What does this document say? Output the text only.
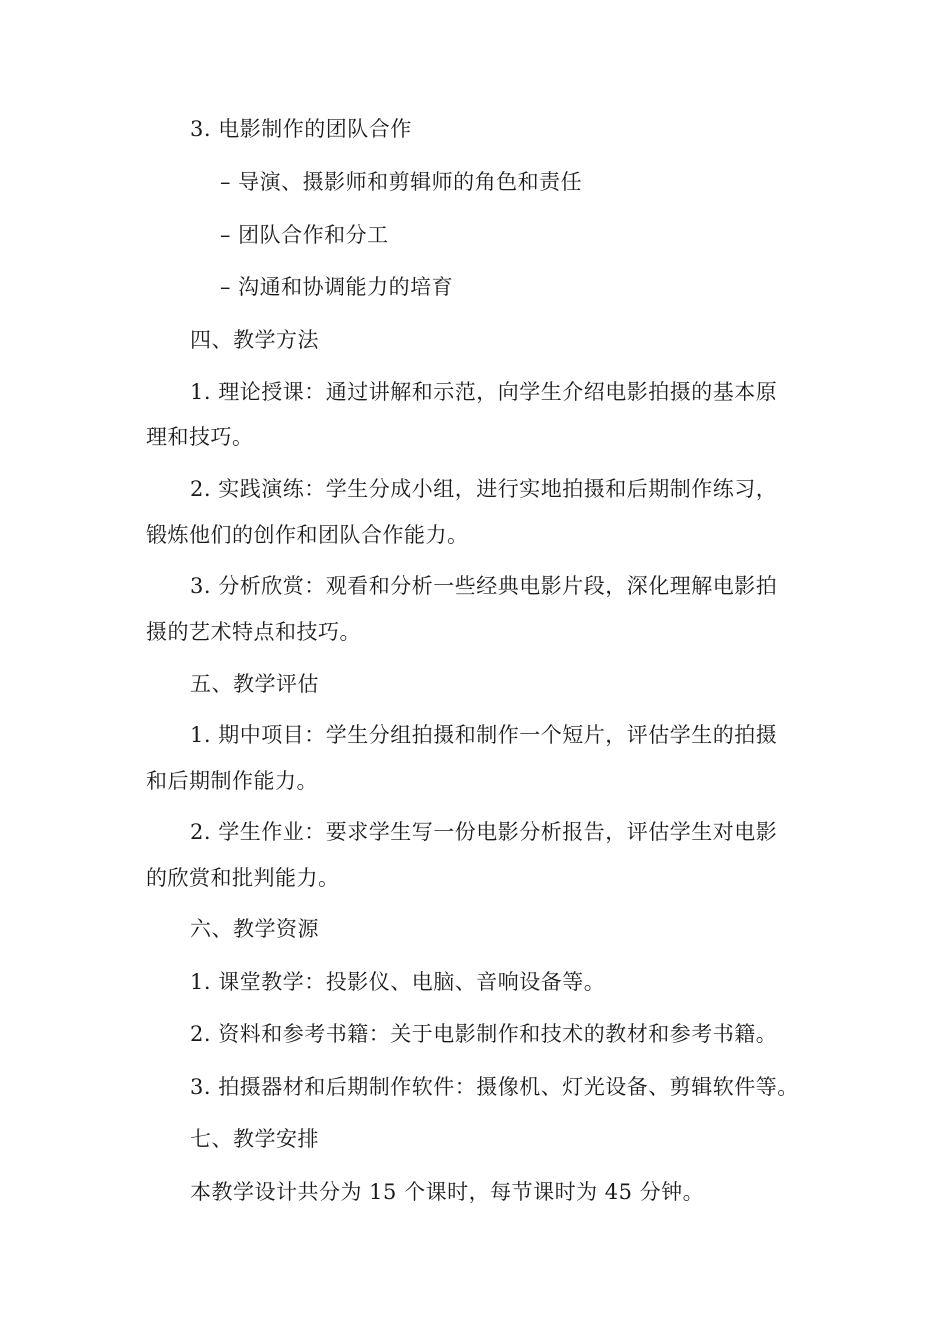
3. 电影制作的团队合作
– 导演、摄影师和剪辑师的角色和责任
– 团队合作和分工
– 沟通和协调能力的培育
四、教学方法
1. 理论授课：通过讲解和示范，向学生介绍电影拍摄的基本原
理和技巧。
2. 实践演练：学生分成小组，进行实地拍摄和后期制作练习，
锻炼他们的创作和团队合作能力。
3. 分析欣赏：观看和分析一些经典电影片段，深化理解电影拍
摄的艺术特点和技巧。
五、教学评估
1. 期中项目：学生分组拍摄和制作一个短片，评估学生的拍摄
和后期制作能力。
2. 学生作业：要求学生写一份电影分析报告，评估学生对电影
的欣赏和批判能力。
六、教学资源
1. 课堂教学：投影仪、电脑、音响设备等。
2. 资料和参考书籍：关于电影制作和技术的教材和参考书籍。
3. 拍摄器材和后期制作软件：摄像机、灯光设备、剪辑软件等。
七、教学安排
本教学设计共分为 15 个课时，每节课时为 45 分钟。
